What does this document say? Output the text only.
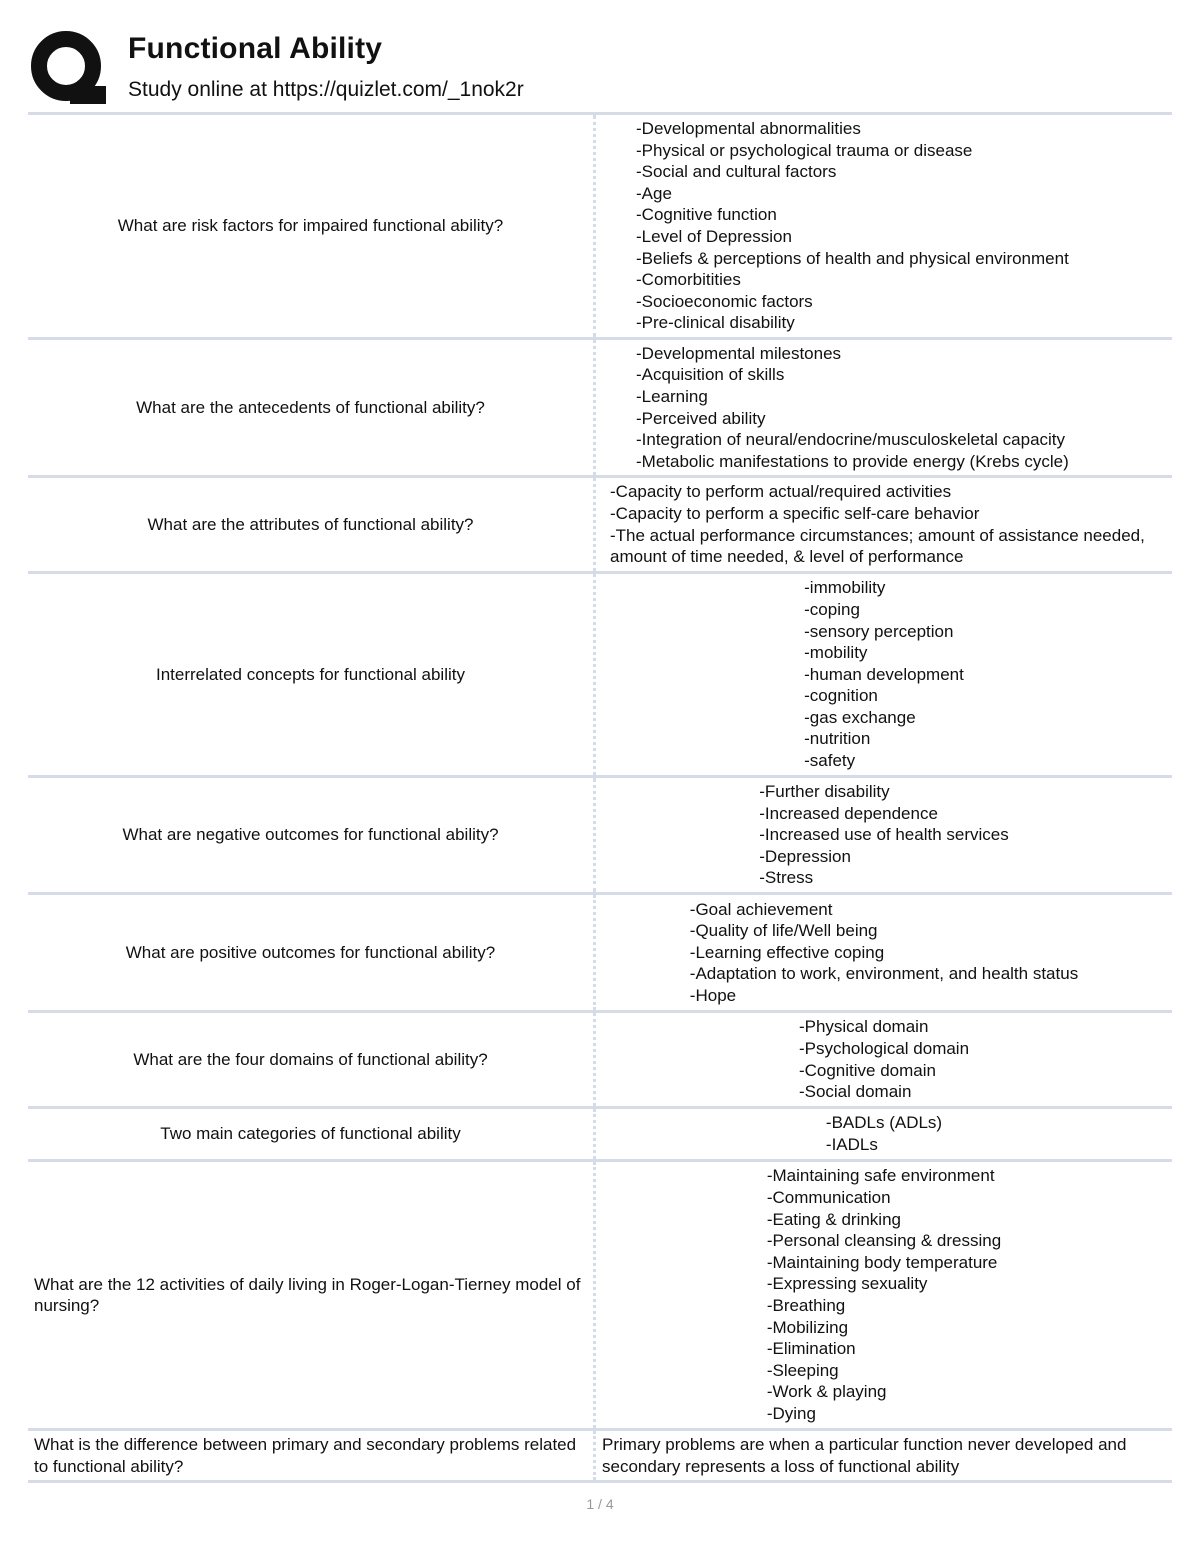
Functional Ability
Study online at https://quizlet.com/_1nok2r
What are risk factors for impaired functional ability?
-Developmental abnormalities
-Physical or psychological trauma or disease
-Social and cultural factors
-Age
-Cognitive function
-Level of Depression
-Beliefs & perceptions of health and physical environment
-Comorbitities
-Socioeconomic factors
-Pre-clinical disability
What are the antecedents of functional ability?
-Developmental milestones
-Acquisition of skills
-Learning
-Perceived ability
-Integration of neural/endocrine/musculoskeletal capacity
-Metabolic manifestations to provide energy (Krebs cycle)
What are the attributes of functional ability?
-Capacity to perform actual/required activities
-Capacity to perform a specific self-care behavior
-The actual performance circumstances; amount of assistance needed, amount of time needed, & level of performance
Interrelated concepts for functional ability
-immobility
-coping
-sensory perception
-mobility
-human development
-cognition
-gas exchange
-nutrition
-safety
What are negative outcomes for functional ability?
-Further disability
-Increased dependence
-Increased use of health services
-Depression
-Stress
What are positive outcomes for functional ability?
-Goal achievement
-Quality of life/Well being
-Learning effective coping
-Adaptation to work, environment, and health status
-Hope
What are the four domains of functional ability?
-Physical domain
-Psychological domain
-Cognitive domain
-Social domain
Two main categories of functional ability
-BADLs (ADLs)
-IADLs
What are the 12 activities of daily living in Roger-Logan-Tierney model of nursing?
-Maintaining safe environment
-Communication
-Eating & drinking
-Personal cleansing & dressing
-Maintaining body temperature
-Expressing sexuality
-Breathing
-Mobilizing
-Elimination
-Sleeping
-Work & playing
-Dying
What is the difference between primary and secondary problems related to functional ability?
Primary problems are when a particular function never developed and secondary represents a loss of functional ability
1 / 4
